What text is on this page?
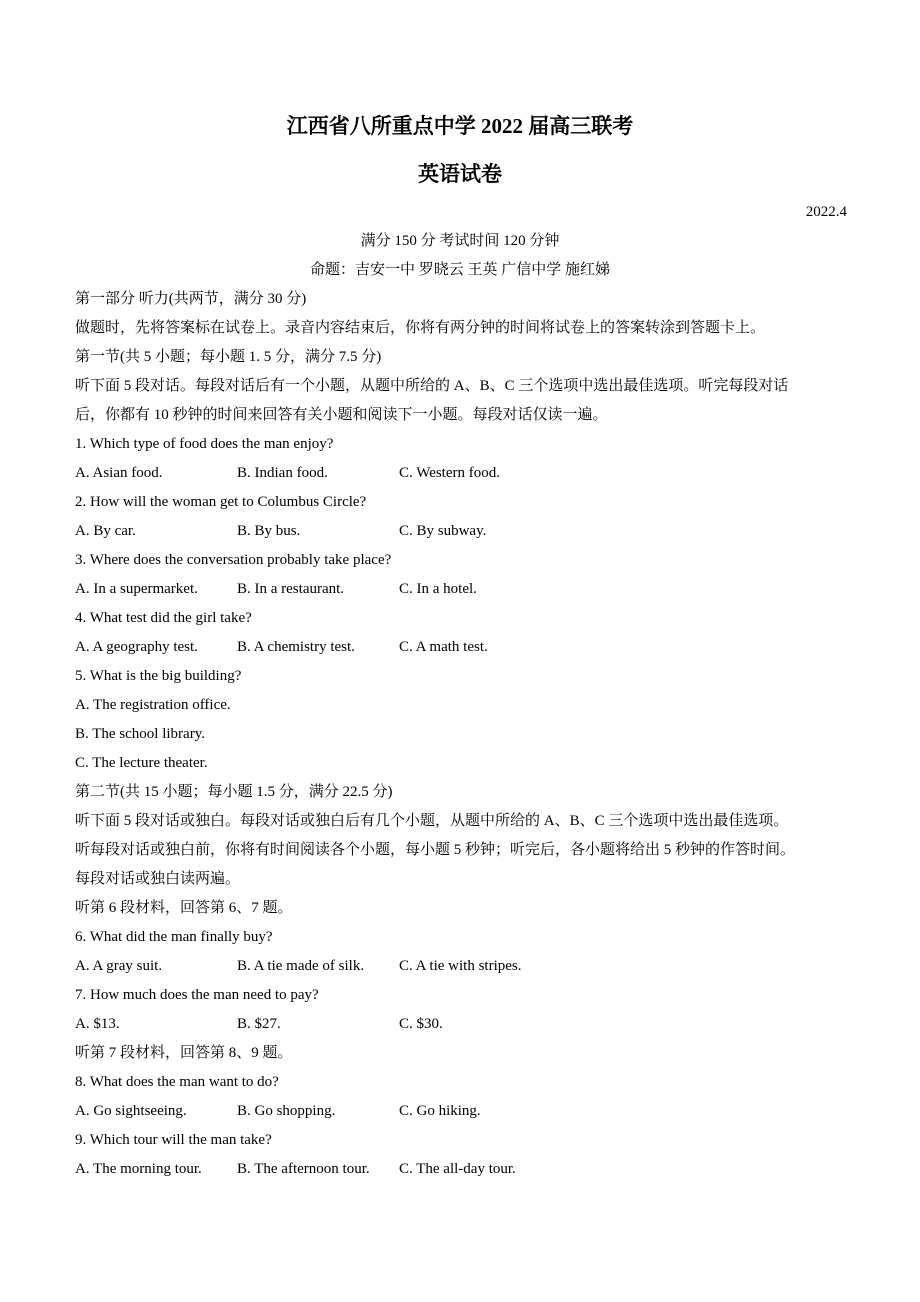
江西省八所重点中学 2022 届高三联考
英语试卷
2022.4
满分 150 分 考试时间 120 分钟
命题：吉安一中 罗晓云 王英 广信中学 施红娣
第一部分 听力(共两节，满分 30 分)
做题时，先将答案标在试卷上。录音内容结束后，你将有两分钟的时间将试卷上的答案转涂到答题卡上。
第一节(共 5 小题；每小题 1. 5 分，满分 7.5 分)
听下面 5 段对话。每段对话后有一个小题，从题中所给的 A、B、C 三个选项中选出最佳选项。听完每段对话
后，你都有 10 秒钟的时间来回答有关小题和阅读下一小题。每段对话仅读一遍。
1. Which type of food does the man enjoy?
A. Asian food.	B. Indian food.	C. Western food.
2. How will the woman get to Columbus Circle?
A. By car.	B. By bus.	C. By subway.
3. Where does the conversation probably take place?
A. In a supermarket.	B. In a restaurant.	C. In a hotel.
4. What test did the girl take?
A. A geography test.	B. A chemistry test.	C. A math test.
5. What is the big building?
A. The registration office.
B. The school library.
C. The lecture theater.
第二节(共 15 小题；每小题 1.5 分，满分 22.5 分)
听下面 5 段对话或独白。每段对话或独白后有几个小题，从题中所给的 A、B、C 三个选项中选出最佳选项。
听每段对话或独白前，你将有时间阅读各个小题，每小题 5 秒钟；听完后，各小题将给出 5 秒钟的作答时间。
每段对话或独白读两遍。
听第 6 段材料，回答第 6、7 题。
6. What did the man finally buy?
A. A gray suit.	B. A tie made of silk. C. A tie with stripes.
7. How much does the man need to pay?
A. $13.	B. $27.	C. $30.
听第 7 段材料，回答第 8、9 题。
8. What does the man want to do?
A. Go sightseeing.	B. Go shopping.	C. Go hiking.
9. Which tour will the man take?
A. The morning tour. B. The afternoon tour. C. The all-day tour.
